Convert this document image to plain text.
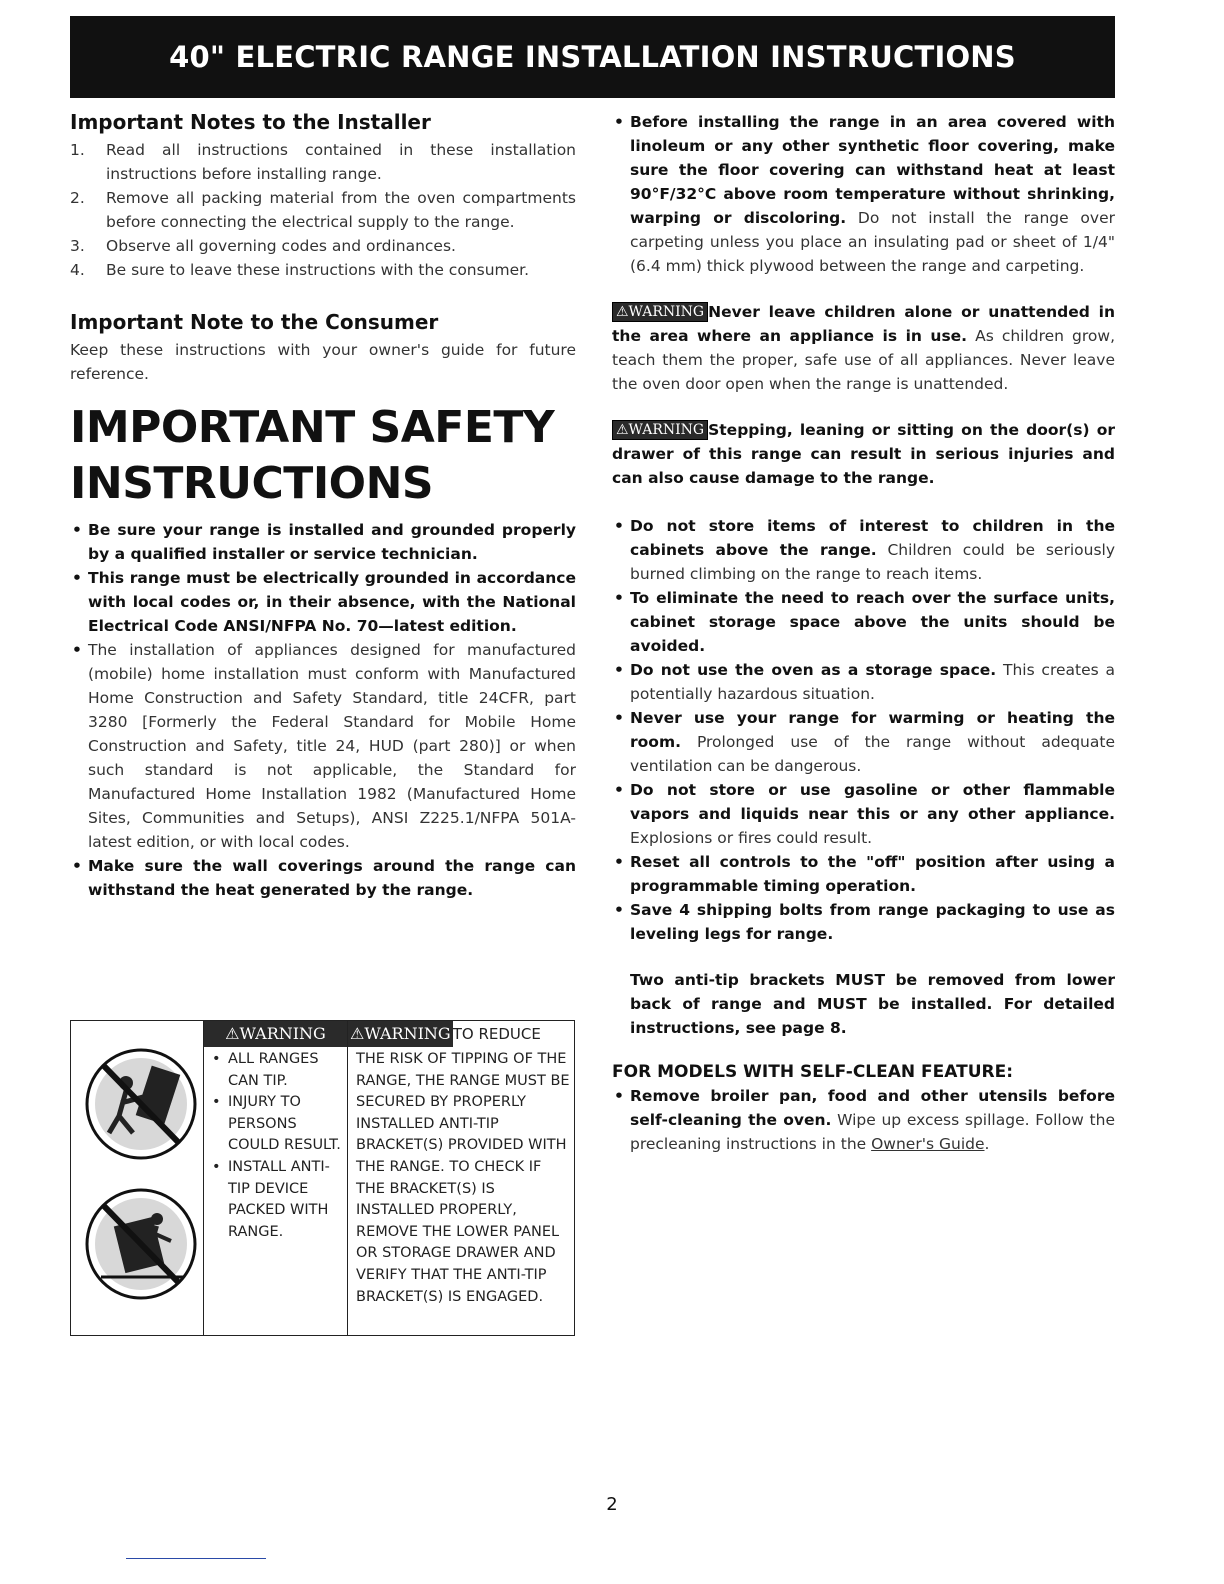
40" ELECTRIC RANGE INSTALLATION INSTRUCTIONS
Important Notes to the Installer
1. Read all instructions contained in these installation instructions before installing range.
2. Remove all packing material from the oven compartments before connecting the electrical supply to the range.
3. Observe all governing codes and ordinances.
4. Be sure to leave these instructions with the consumer.
Important Note to the Consumer
Keep these instructions with your owner's guide for future reference.
IMPORTANT SAFETY
INSTRUCTIONS
• Be sure your range is installed and grounded properly by a qualified installer or service technician.
• This range must be electrically grounded in accordance with local codes or, in their absence, with the National Electrical Code ANSI/NFPA No. 70—latest edition.
• The installation of appliances designed for manufactured (mobile) home installation must conform with Manufactured Home Construction and Safety Standard, title 24CFR, part 3280 [Formerly the Federal Standard for Mobile Home Construction and Safety, title 24, HUD (part 280)] or when such standard is not applicable, the Standard for Manufactured Home Installation 1982 (Manufactured Home Sites, Communities and Setups), ANSI Z225.1/NFPA 501A-latest edition, or with local codes.
• Make sure the wall coverings around the range can withstand the heat generated by the range.
⚠WARNING
• ALL RANGES CAN TIP.
• INJURY TO PERSONS COULD RESULT.
• INSTALL ANTI-TIP DEVICE PACKED WITH RANGE.
⚠WARNING TO REDUCE
THE RISK OF TIPPING OF THE RANGE, THE RANGE MUST BE SECURED BY PROPERLY INSTALLED ANTI-TIP BRACKET(S) PROVIDED WITH THE RANGE. TO CHECK IF THE BRACKET(S) IS INSTALLED PROPERLY, REMOVE THE LOWER PANEL OR STORAGE DRAWER AND VERIFY THAT THE ANTI-TIP BRACKET(S) IS ENGAGED.
• Before installing the range in an area covered with linoleum or any other synthetic floor covering, make sure the floor covering can withstand heat at least 90°F/32°C above room temperature without shrinking, warping or discoloring. Do not install the range over carpeting unless you place an insulating pad or sheet of 1/4" (6.4 mm) thick plywood between the range and carpeting.

⚠WARNING Never leave children alone or unattended in the area where an appliance is in use. As children grow, teach them the proper, safe use of all appliances. Never leave the oven door open when the range is unattended.

⚠WARNING Stepping, leaning or sitting on the door(s) or drawer of this range can result in serious injuries and can also cause damage to the range.

• Do not store items of interest to children in the cabinets above the range. Children could be seriously burned climbing on the range to reach items.
• To eliminate the need to reach over the surface units, cabinet storage space above the units should be avoided.
• Do not use the oven as a storage space. This creates a potentially hazardous situation.
• Never use your range for warming or heating the room. Prolonged use of the range without adequate ventilation can be dangerous.
• Do not store or use gasoline or other flammable vapors and liquids near this or any other appliance. Explosions or fires could result.
• Reset all controls to the "off" position after using a programmable timing operation.
• Save 4 shipping bolts from range packaging to use as leveling legs for range.

Two anti-tip brackets MUST be removed from lower back of range and MUST be installed. For detailed instructions, see page 8.

FOR MODELS WITH SELF-CLEAN FEATURE:
• Remove broiler pan, food and other utensils before self-cleaning the oven. Wipe up excess spillage. Follow the precleaning instructions in the Owner's Guide.
2
